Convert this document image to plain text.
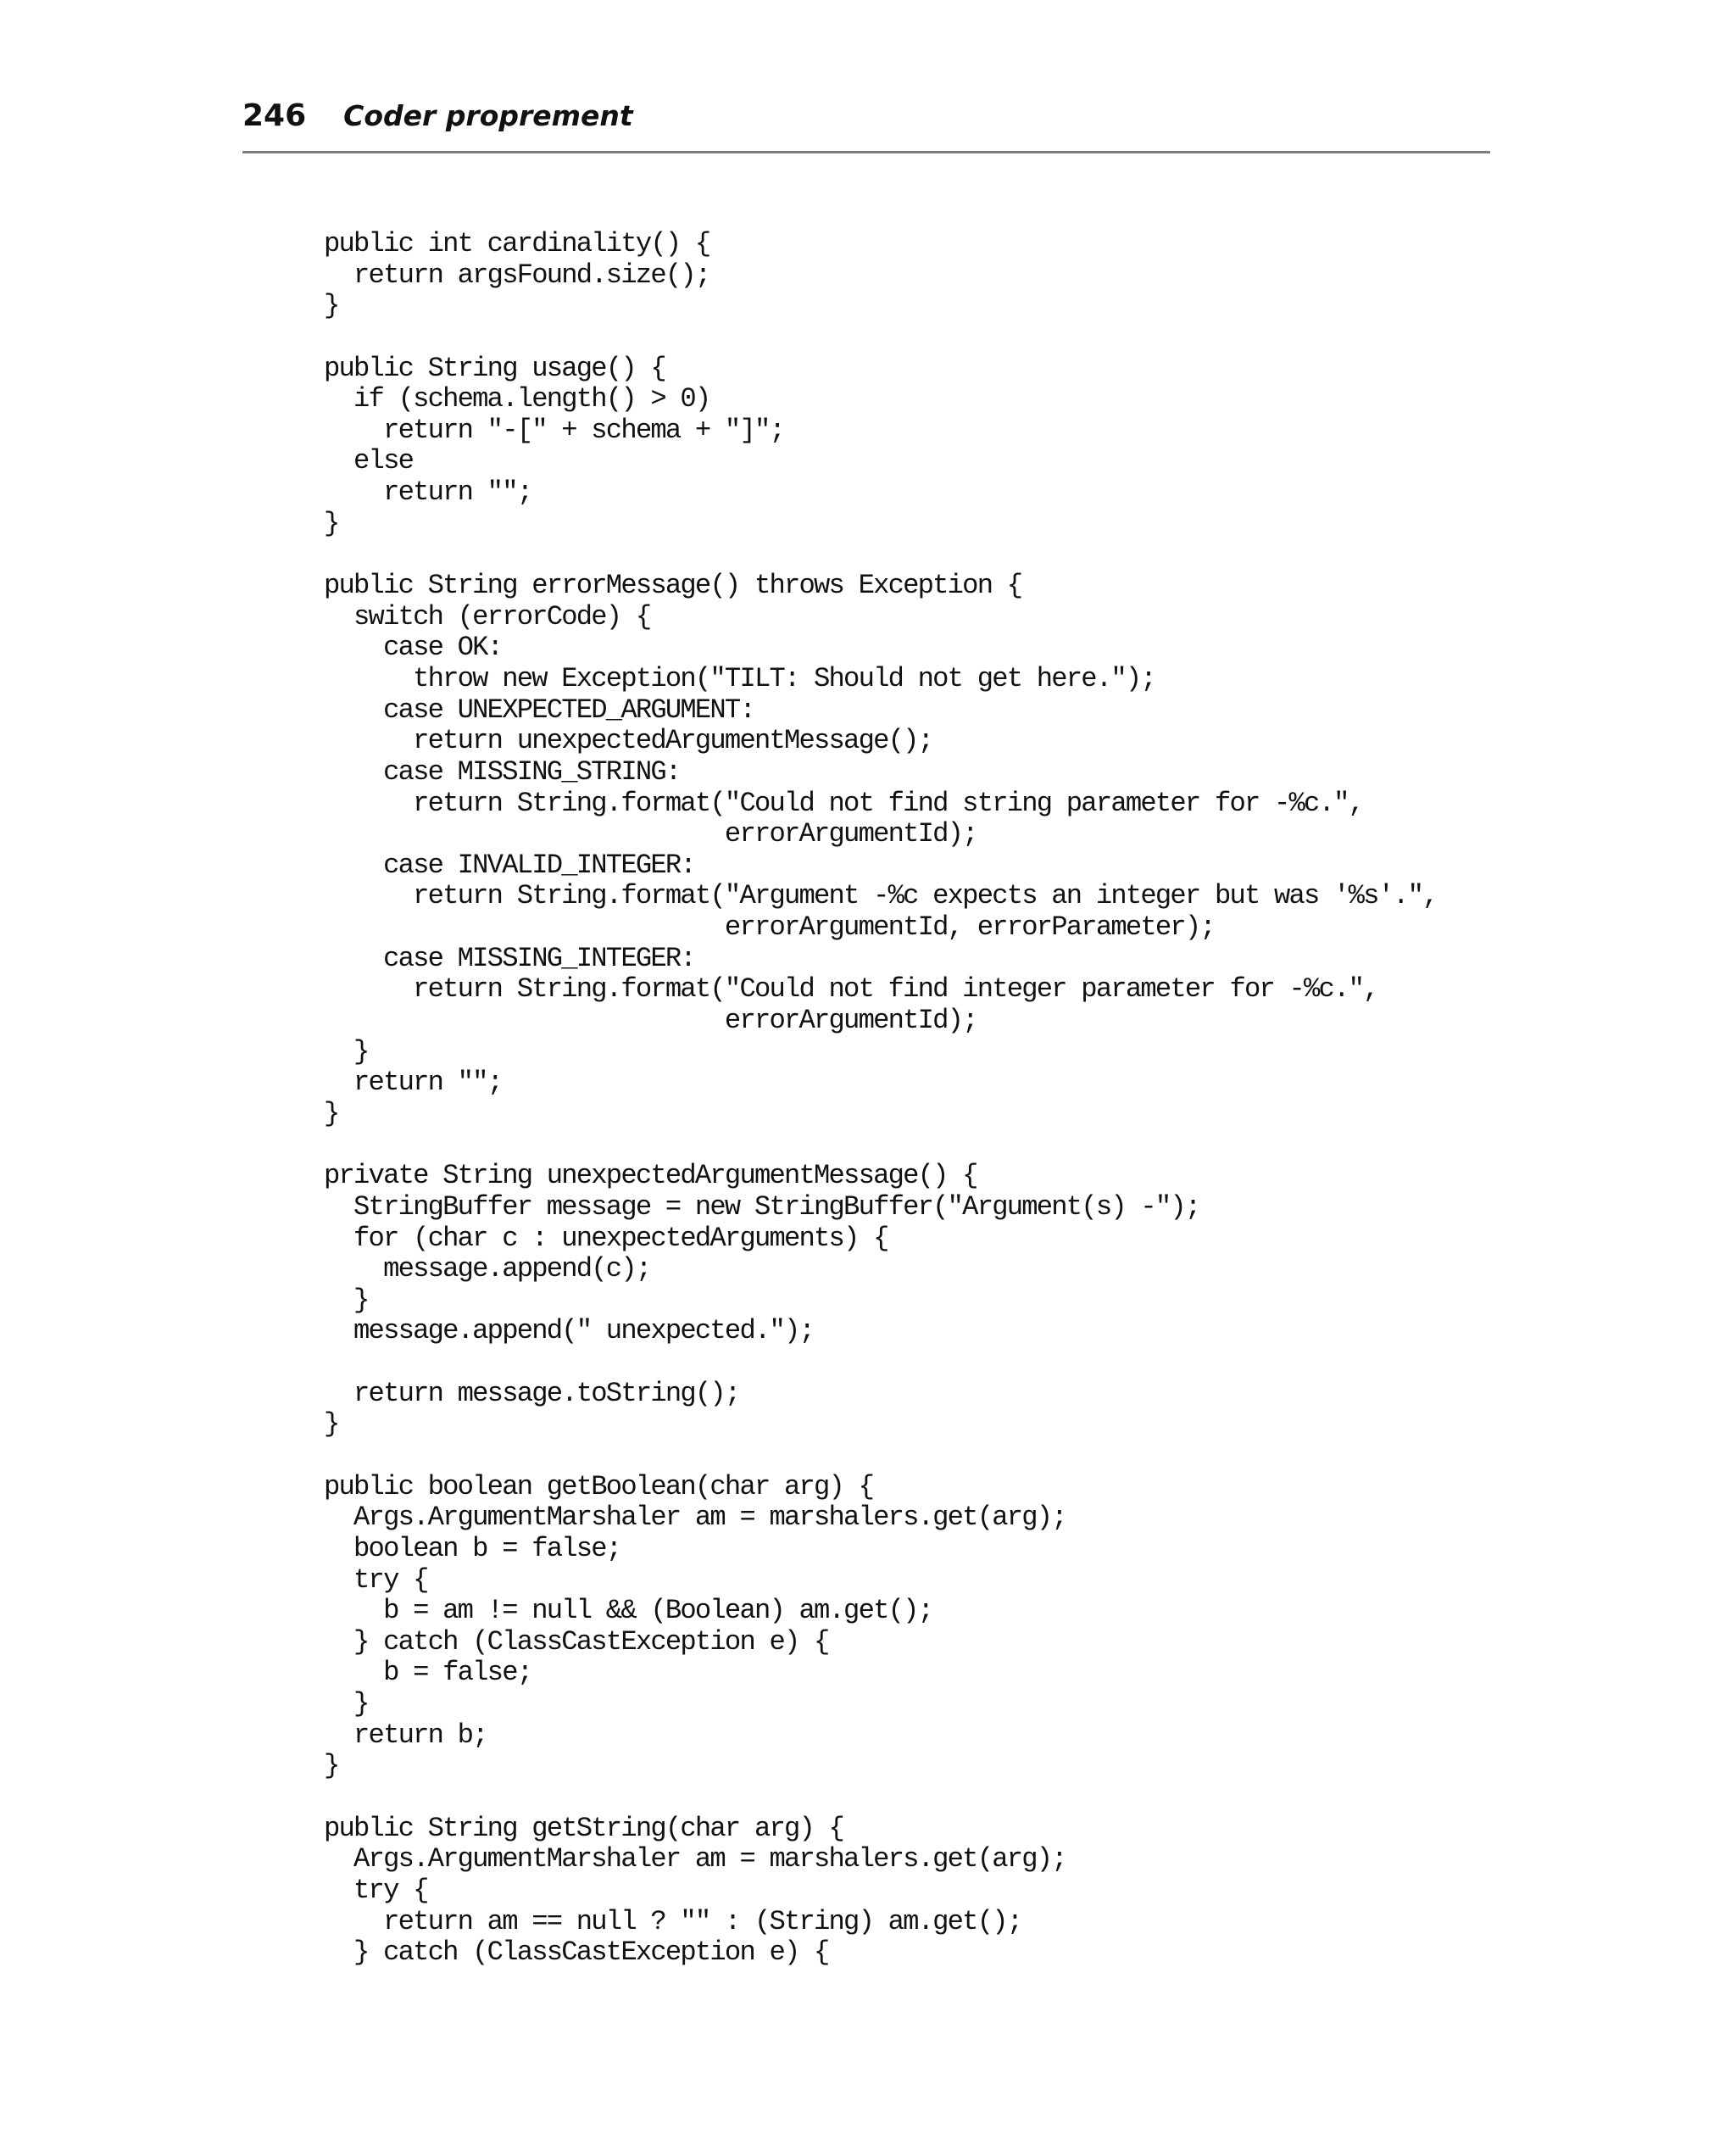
246 Coder proprement
public int cardinality() {
return argsFound.size();
}

public String usage() {
if (schema.length() > 0)
return "-[" + schema + "]";
else
return "";
}

public String errorMessage() throws Exception {
switch (errorCode) {
case OK:
throw new Exception("TILT: Should not get here.");
case UNEXPECTED_ARGUMENT:
return unexpectedArgumentMessage();
case MISSING_STRING:
return String.format("Could not find string parameter for -%c.",
errorArgumentId);
case INVALID_INTEGER:
return String.format("Argument -%c expects an integer but was '%s'.",
errorArgumentId, errorParameter);
case MISSING_INTEGER:
return String.format("Could not find integer parameter for -%c.",
errorArgumentId);
}
return "";
}

private String unexpectedArgumentMessage() {
StringBuffer message = new StringBuffer("Argument(s) -");
for (char c : unexpectedArguments) {
message.append(c);
}
message.append(" unexpected.");

return message.toString();
}

public boolean getBoolean(char arg) {
Args.ArgumentMarshaler am = marshalers.get(arg);
boolean b = false;
try {
b = am != null && (Boolean) am.get();
} catch (ClassCastException e) {
b = false;
}
return b;
}

public String getString(char arg) {
Args.ArgumentMarshaler am = marshalers.get(arg);
try {
return am == null ? "" : (String) am.get();
} catch (ClassCastException e) {
